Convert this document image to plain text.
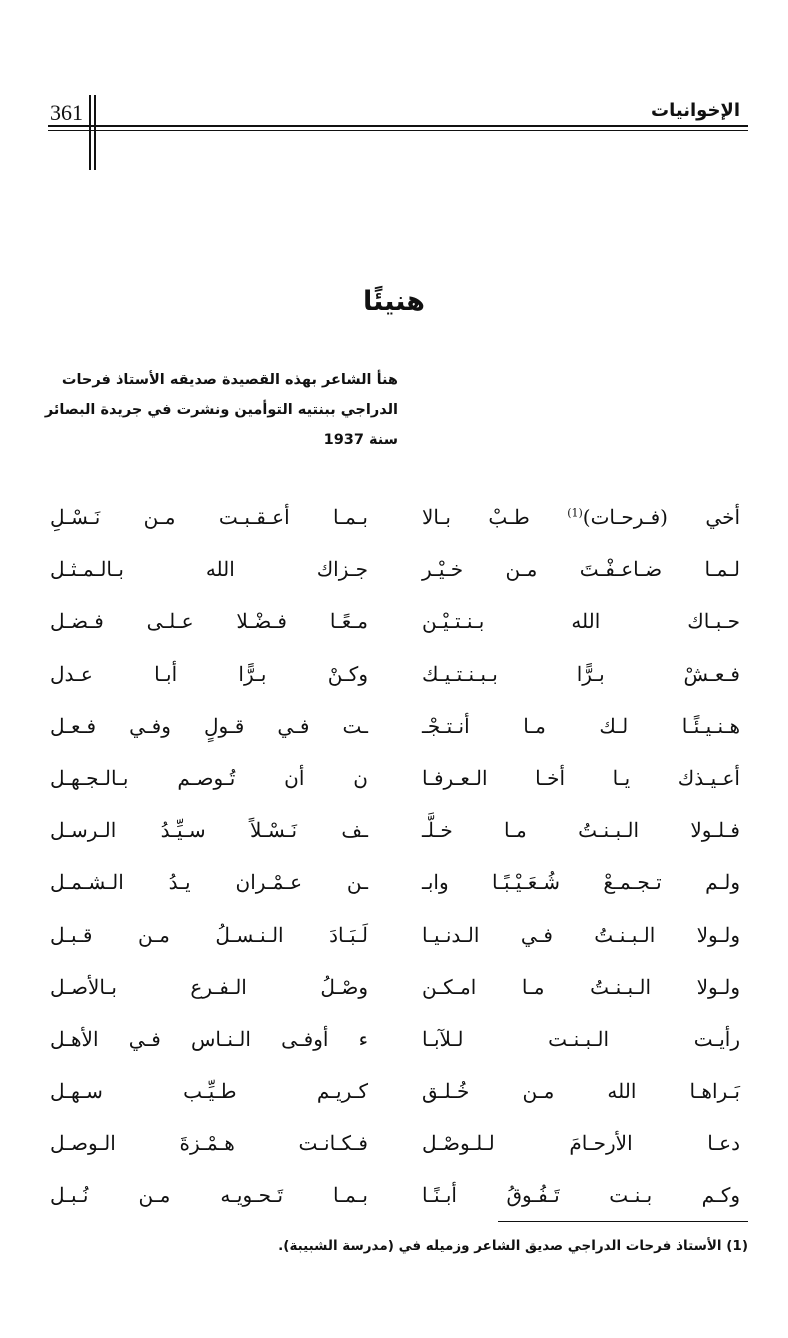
361	الإخوانيات
هنيئًا
هنأ الشاعر بهذه القصيدة صديقه الأستاذ فرحات
الدراجي ببنتيه التوأمين ونشرت في جريدة البصائر
سنة 1937
أخي (فـرحـات)$^{(1)}$ طـبْ بـالا
بـمـا أعـقـبـت مـن نَـسْـلِ
لـمـا ضـاعـفْـتَ مـن خـيْـر
جـزاك الله بـالـمـثـل
حـبـاك الله بـنـتـيْـن
مـعًـا فـضْـلا عـلـى فـضـل
فـعـشْ بـرًّا بـبـنـتـيـك
وكـنْ بـرًّا أبـا عـدل
هـنـيـئًـا لـك مـا أنـتـجْـ
ـت فـي قـولٍ وفـي فـعـل
أعـيـذك يـا أخـا الـعـرفـا
ن أن تُـوصـم بـالـجـهـل
فـلـولا الـبـنـتُ مـا خـلَّـ
ـف نَـسْـلاً سـيِّـدُ الـرسـل
ولـم تـجـمـعْ شُـعَـيْـبًـا وابـ
ـن عـمْـران يـدُ الـشـمـل
ولـولا الـبـنـتُ فـي الـدنـيـا
لَـبَـادَ الـنـسـلُ مـن قـبـل
ولـولا الـبـنـتُ مـا امـكـن
وصْـلُ الـفـرع بـالأصـل
رأيـت الـبـنـت لـلآبـا
ء أوفـى الـنـاس فـي الأهـل
بَـراهـا الله مـن خُـلـق
كـريـم طـيِّـب سـهـل
دعـا الأرحـامَ لـلـوصْـل
فـكـانـت هـمْـزةَ الـوصـل
وكـم بـنـت تَـفُـوقُ أبـنًـا
بـمـا تَـحـويـه مـن نُـبـل
(1) الأستاذ فرحات الدراجي صديق الشاعر وزميله في (مدرسة الشبيبة).
